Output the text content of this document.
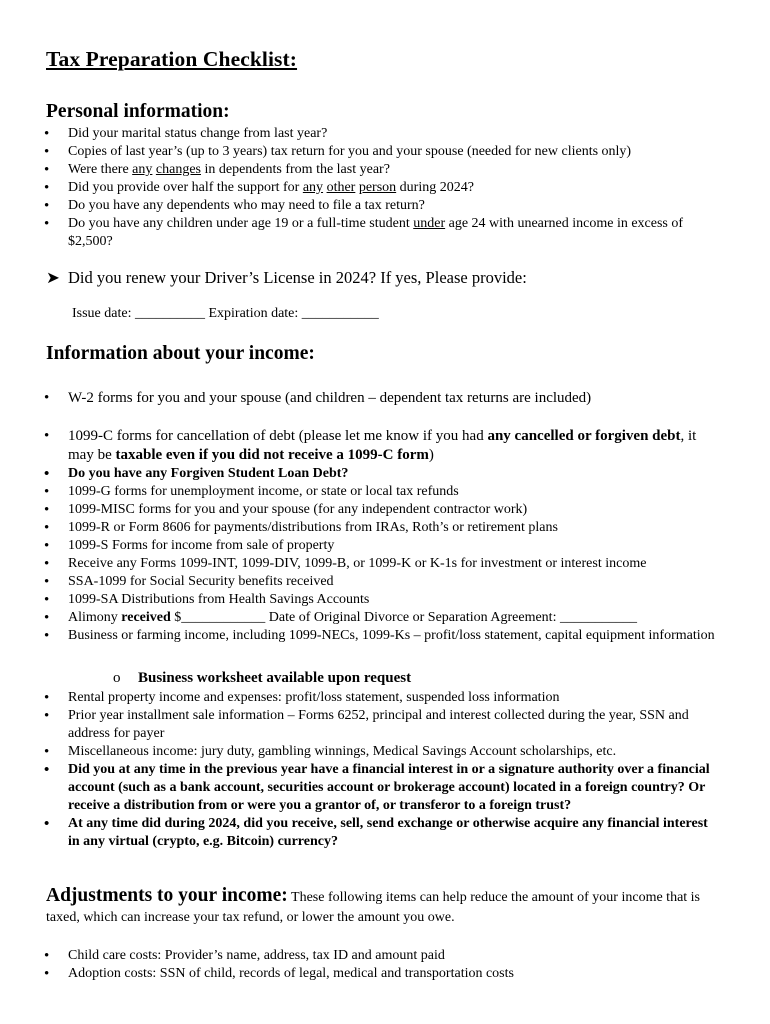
Tax Preparation Checklist:
Personal information:
• Did your marital status change from last year?
• Copies of last year’s (up to 3 years) tax return for you and your spouse (needed for new clients only)
• Were there any changes in dependents from the last year?
• Did you provide over half the support for any other person during 2024?
• Do you have any dependents who may need to file a tax return?
• Do you have any children under age 19 or a full-time student under age 24 with unearned income in excess of $2,500?
➤ Did you renew your Driver’s License in 2024? If yes, Please provide:
Issue date: __________ Expiration date: ___________
Information about your income:
• W-2 forms for you and your spouse (and children – dependent tax returns are included)
• 1099-C forms for cancellation of debt (please let me know if you had any cancelled or forgiven debt, it may be taxable even if you did not receive a 1099-C form)
• Do you have any Forgiven Student Loan Debt?
• 1099-G forms for unemployment income, or state or local tax refunds
• 1099-MISC forms for you and your spouse (for any independent contractor work)
• 1099-R or Form 8606 for payments/distributions from IRAs, Roth’s or retirement plans
• 1099-S Forms for income from sale of property
• Receive any Forms 1099-INT, 1099-DIV, 1099-B, or 1099-K or K-1s for investment or interest income
• SSA-1099 for Social Security benefits received
• 1099-SA Distributions from Health Savings Accounts
• Alimony received $____________ Date of Original Divorce or Separation Agreement: ___________
• Business or farming income, including 1099-NECs, 1099-Ks – profit/loss statement, capital equipment information
o Business worksheet available upon request
• Rental property income and expenses: profit/loss statement, suspended loss information
• Prior year installment sale information – Forms 6252, principal and interest collected during the year, SSN and address for payer
• Miscellaneous income: jury duty, gambling winnings, Medical Savings Account scholarships, etc.
• Did you at any time in the previous year have a financial interest in or a signature authority over a financial account (such as a bank account, securities account or brokerage account) located in a foreign country? Or receive a distribution from or were you a grantor of, or transferor to a foreign trust?
• At any time did during 2024, did you receive, sell, send exchange or otherwise acquire any financial interest in any virtual (crypto, e.g. Bitcoin) currency?

Adjustments to your income: These following items can help reduce the amount of your income that is taxed, which can increase your tax refund, or lower the amount you owe.

• Child care costs: Provider’s name, address, tax ID and amount paid
• Adoption costs: SSN of child, records of legal, medical and transportation costs
